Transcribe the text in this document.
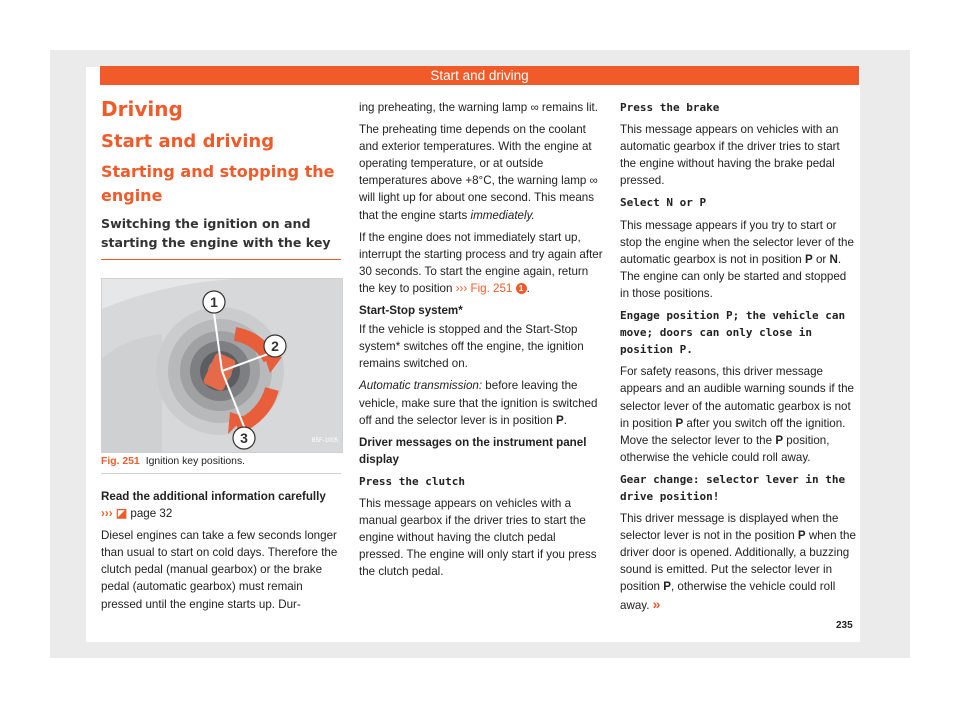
Start and driving
Driving
Start and driving
Starting and stopping the engine
Switching the ignition on and starting the engine with the key
1
2
3	B5F-1005
Fig. 251 Ignition key positions.

Read the additional information carefully
››› ◪ page 32

Diesel engines can take a few seconds longer than usual to start on cold days. Therefore the clutch pedal (manual gearbox) or the brake pedal (automatic gearbox) must remain pressed until the engine starts up. Dur-

ing preheating, the warning lamp ∞ remains lit.

The preheating time depends on the coolant and exterior temperatures. With the engine at operating temperature, or at outside temperatures above +8°C, the warning lamp ∞ will light up for about one second. This means that the engine starts immediately.

If the engine does not immediately start up, interrupt the starting process and try again after 30 seconds. To start the engine again, return the key to position ››› Fig. 251 1 .

Start-Stop system*

If the vehicle is stopped and the Start-Stop system* switches off the engine, the ignition remains switched on.

Automatic transmission: before leaving the vehicle, make sure that the ignition is switched off and the selector lever is in position P.

Driver messages on the instrument panel display

Press the clutch

This message appears on vehicles with a manual gearbox if the driver tries to start the engine without having the clutch pedal pressed. The engine will only start if you press the clutch pedal.

Press the brake

This message appears on vehicles with an automatic gearbox if the driver tries to start the engine without having the brake pedal pressed.

Select N or P

This message appears if you try to start or stop the engine when the selector lever of the automatic gearbox is not in position P or N. The engine can only be started and stopped in those positions.

Engage position P; the vehicle can move; doors can only close in position P.

For safety reasons, this driver message appears and an audible warning sounds if the selector lever of the automatic gearbox is not in position P after you switch off the ignition. Move the selector lever to the P position, otherwise the vehicle could roll away.

Gear change: selector lever in the drive position!

This driver message is displayed when the selector lever is not in the position P when the driver door is opened. Additionally, a buzzing sound is emitted. Put the selector lever in position P, otherwise the vehicle could roll away. »

235
